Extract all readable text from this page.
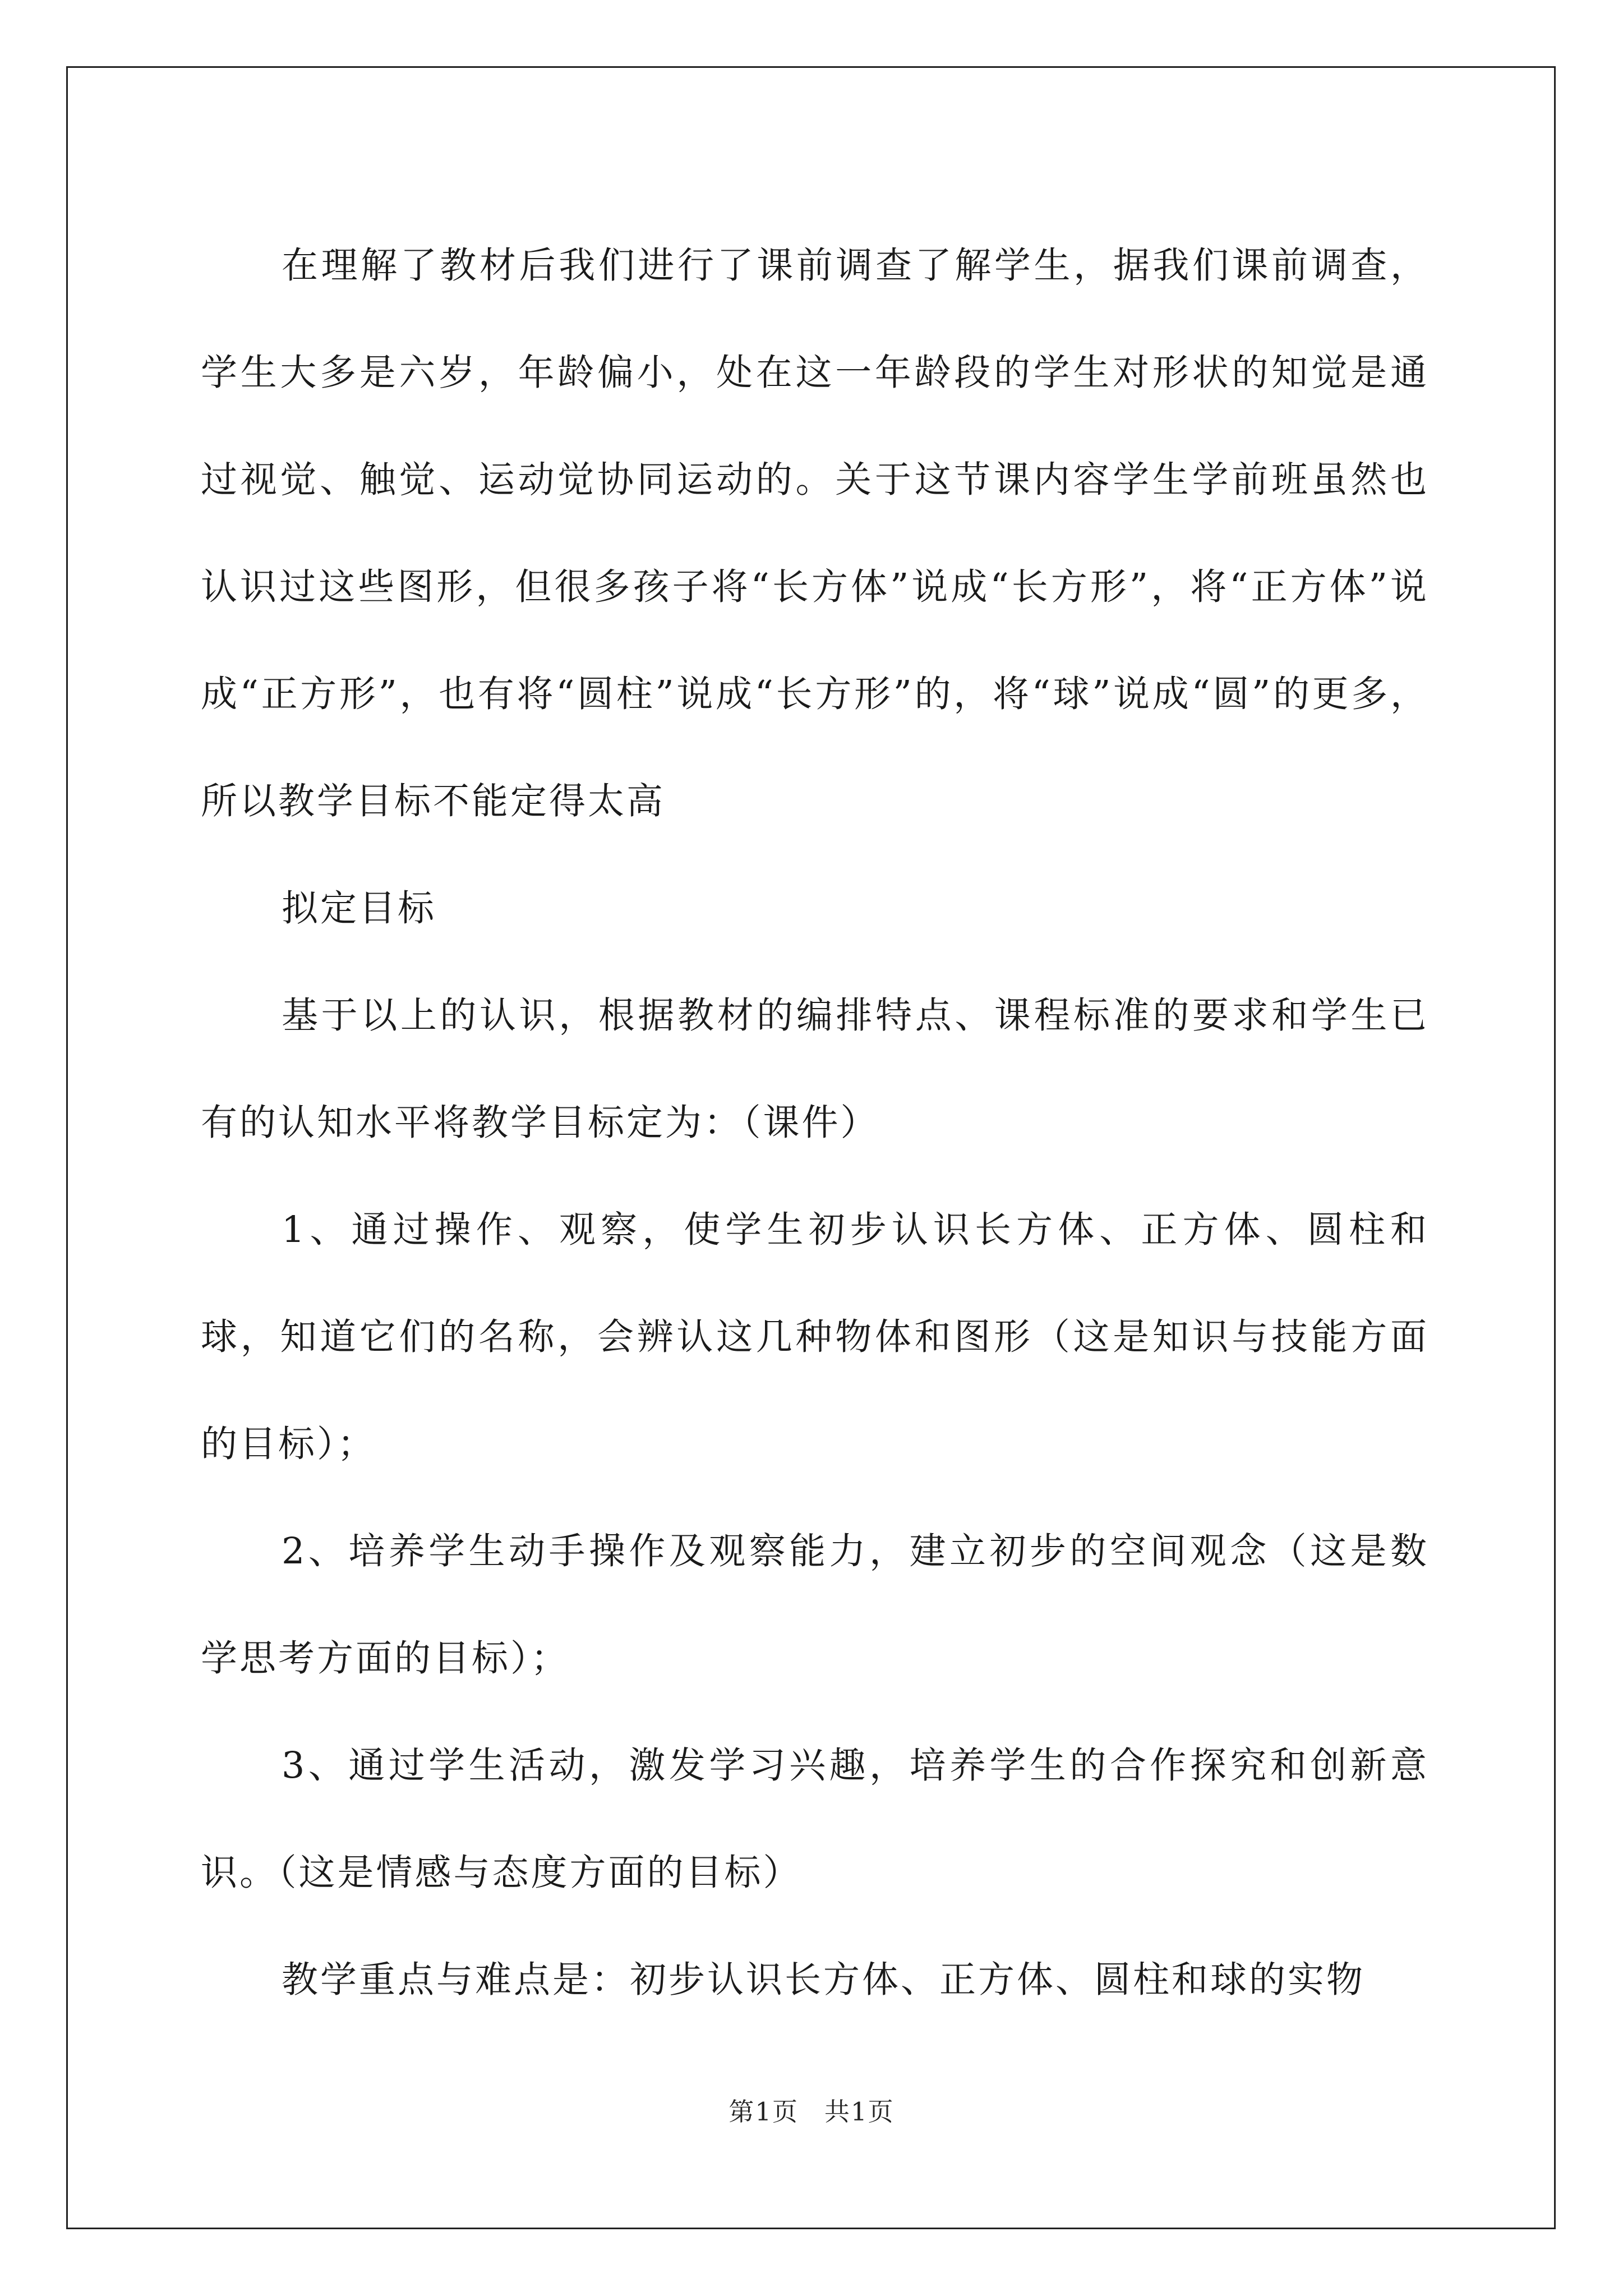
在理解了教材后我们进行了课前调查了解学生，据我们课前调查，学生大多是六岁，年龄偏小，处在这一年龄段的学生对形状的知觉是通过视觉、触觉、运动觉协同运动的。关于这节课内容学生学前班虽然也认识过这些图形，但很多孩子将“长方体”说成“长方形”，将“正方体”说成“正方形”，也有将“圆柱”说成“长方形”的，将“球”说成“圆”的更多，所以教学目标不能定得太高

拟定目标

基于以上的认识，根据教材的编排特点、课程标准的要求和学生已有的认知水平将教学目标定为：（课件）

1、通过操作、观察，使学生初步认识长方体、正方体、圆柱和球，知道它们的名称，会辨认这几种物体和图形（这是知识与技能方面的目标）；

2、培养学生动手操作及观察能力，建立初步的空间观念（这是数学思考方面的目标）；

3、通过学生活动，激发学习兴趣，培养学生的合作探究和创新意识。（这是情感与态度方面的目标）

教学重点与难点是：初步认识长方体、正方体、圆柱和球的实物

第1页 共1页
